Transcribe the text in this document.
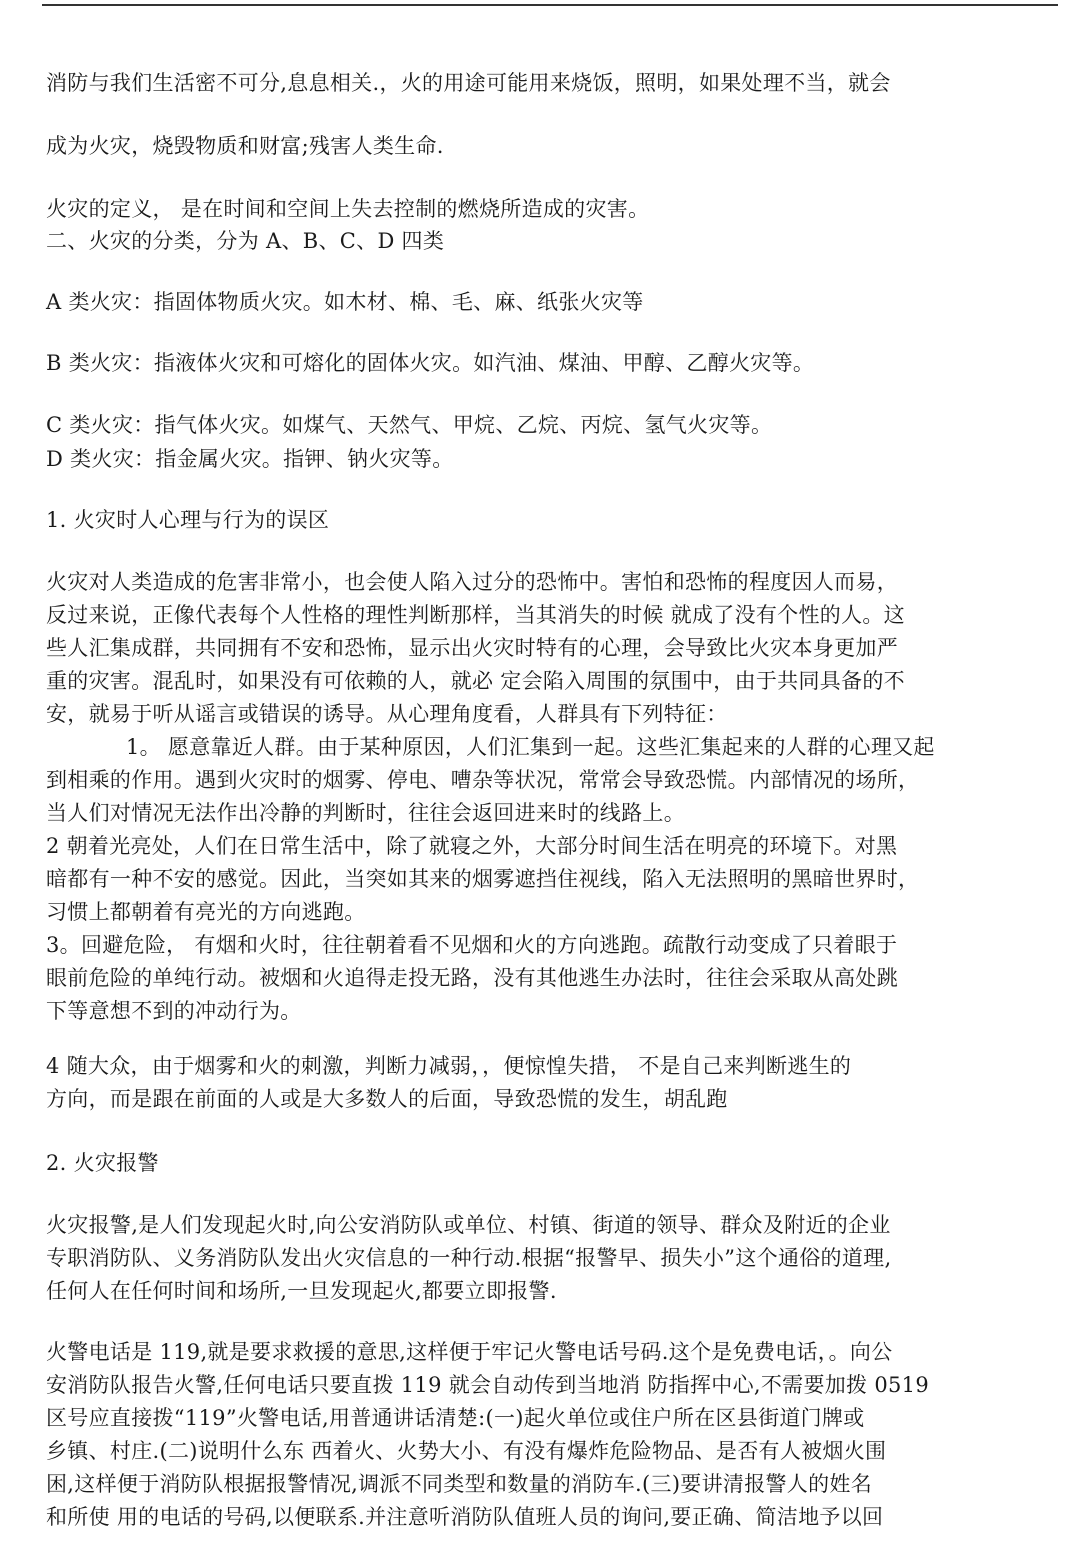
消防与我们生活密不可分,息息相关.，火的用途可能用来烧饭，照明，如果处理不当，就会
成为火灾，烧毁物质和财富;残害人类生命.
火灾的定义， 是在时间和空间上失去控制的燃烧所造成的灾害。
二、火灾的分类，分为 A、B、C、D 四类
A 类火灾：指固体物质火灾。如木材、棉、毛、麻、纸张火灾等
B 类火灾：指液体火灾和可熔化的固体火灾。如汽油、煤油、甲醇、乙醇火灾等。
C 类火灾：指气体火灾。如煤气、天然气、甲烷、乙烷、丙烷、氢气火灾等。
D 类火灾：指金属火灾。指钾、钠火灾等。
1. 火灾时人心理与行为的误区
火灾对人类造成的危害非常小，也会使人陷入过分的恐怖中。害怕和恐怖的程度因人而易，
反过来说，正像代表每个人性格的理性判断那样，当其消失的时候 就成了没有个性的人。这
些人汇集成群，共同拥有不安和恐怖，显示出火灾时特有的心理，会导致比火灾本身更加严
重的灾害。混乱时，如果没有可依赖的人，就必 定会陷入周围的氛围中，由于共同具备的不
安，就易于听从谣言或错误的诱导。从心理角度看，人群具有下列特征：
1。 愿意靠近人群。由于某种原因，人们汇集到一起。这些汇集起来的人群的心理又起
到相乘的作用。遇到火灾时的烟雾、停电、嘈杂等状况，常常会导致恐慌。内部情况的场所，
当人们对情况无法作出冷静的判断时，往往会返回进来时的线路上。
2 朝着光亮处，人们在日常生活中，除了就寝之外，大部分时间生活在明亮的环境下。对黑
暗都有一种不安的感觉。因此，当突如其来的烟雾遮挡住视线，陷入无法照明的黑暗世界时，
习惯上都朝着有亮光的方向逃跑。
3。回避危险， 有烟和火时，往往朝着看不见烟和火的方向逃跑。疏散行动变成了只着眼于
眼前危险的单纯行动。被烟和火追得走投无路，没有其他逃生办法时，往往会采取从高处跳
下等意想不到的冲动行为。
4 随大众，由于烟雾和火的刺激，判断力减弱，，便惊惶失措， 不是自己来判断逃生的
方向，而是跟在前面的人或是大多数人的后面，导致恐慌的发生，胡乱跑
2. 火灾报警
火灾报警,是人们发现起火时,向公安消防队或单位、村镇、街道的领导、群众及附近的企业
专职消防队、义务消防队发出火灾信息的一种行动.根据“报警早、损失小”这个通俗的道理,
任何人在任何时间和场所,一旦发现起火,都要立即报警.
火警电话是 119,就是要求救援的意思,这样便于牢记火警电话号码.这个是免费电话，。向公
安消防队报告火警,任何电话只要直拨 119 就会自动传到当地消 防指挥中心,不需要加拨 0519
区号应直接拨“119”火警电话,用普通讲话清楚:(一)起火单位或住户所在区县街道门牌或
乡镇、村庄.(二)说明什么东 西着火、火势大小、有没有爆炸危险物品、是否有人被烟火围
困,这样便于消防队根据报警情况,调派不同类型和数量的消防车.(三)要讲清报警人的姓名
和所使 用的电话的号码,以便联系.并注意听消防队值班人员的询问,要正确、简洁地予以回
